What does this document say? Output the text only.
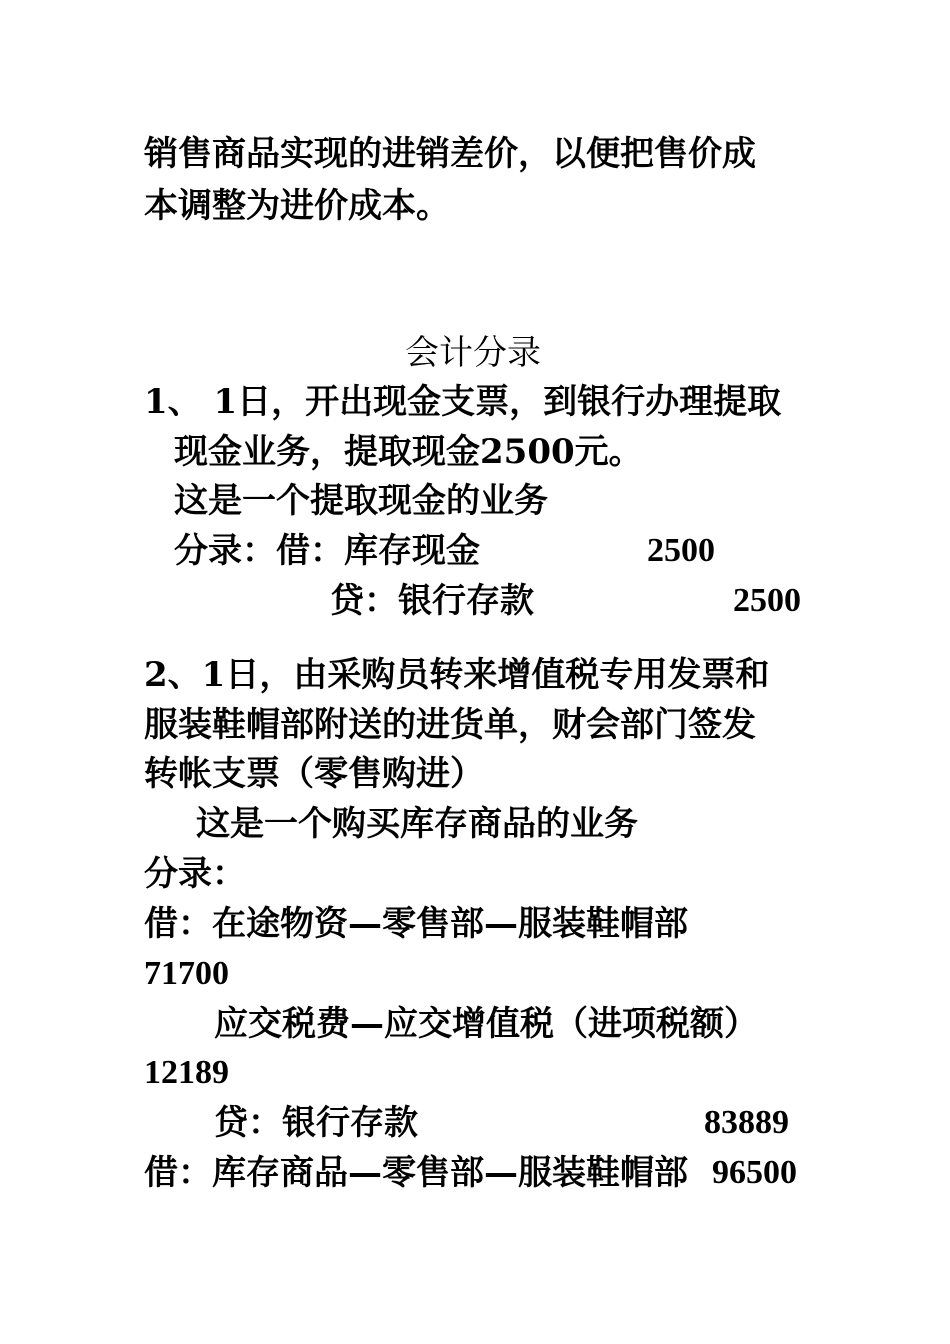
销售商品实现的进销差价，以便把售价成
本调整为进价成本。
会计分录
1、 1日，开出现金支票，到银行办理提取
现金业务，提取现金2500元。
这是一个提取现金的业务
分录：借：库存现金	2500
贷：银行存款	2500
2、1日，由采购员转来增值税专用发票和
服装鞋帽部附送的进货单，财会部门签发
转帐支票（零售购进）
这是一个购买库存商品的业务
分录：
借：在途物资—零售部—服装鞋帽部
71700
应交税费—应交增值税（进项税额）
12189
贷：银行存款	83889
借：库存商品—零售部—服装鞋帽部 96500
